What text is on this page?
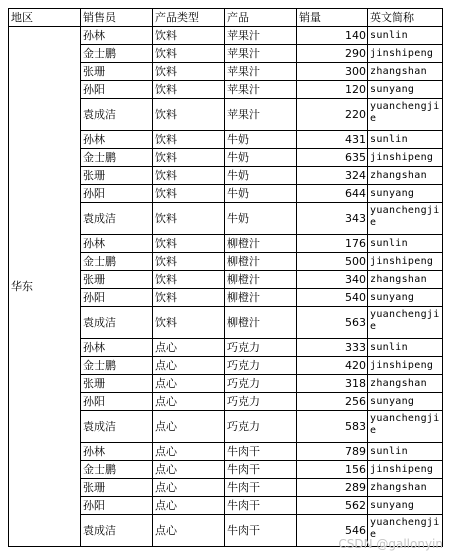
地区	销售员	产品类型	产品	销量	英文简称
华东	孙林	饮料	苹果汁	140	sunlin
	金士鹏	饮料	苹果汁	290	jinshipeng
	张珊	饮料	苹果汁	300	zhangshan
	孙阳	饮料	苹果汁	120	sunyang
	袁成洁	饮料	苹果汁	220	yuanchengjie
	孙林	饮料	牛奶	431	sunlin
	金士鹏	饮料	牛奶	635	jinshipeng
	张珊	饮料	牛奶	324	zhangshan
	孙阳	饮料	牛奶	644	sunyang
	袁成洁	饮料	牛奶	343	yuanchengjie
	孙林	饮料	柳橙汁	176	sunlin
	金士鹏	饮料	柳橙汁	500	jinshipeng
	张珊	饮料	柳橙汁	340	zhangshan
	孙阳	饮料	柳橙汁	540	sunyang
	袁成洁	饮料	柳橙汁	563	yuanchengjie
	孙林	点心	巧克力	333	sunlin
	金士鹏	点心	巧克力	420	jinshipeng
	张珊	点心	巧克力	318	zhangshan
	孙阳	点心	巧克力	256	sunyang
	袁成洁	点心	巧克力	583	yuanchengjie
	孙林	点心	牛肉干	789	sunlin
	金士鹏	点心	牛肉干	156	jinshipeng
	张珊	点心	牛肉干	289	zhangshan
	孙阳	点心	牛肉干	562	sunyang
	袁成洁	点心	牛肉干	546	yuanchengjie
CSDN @gallonyin
